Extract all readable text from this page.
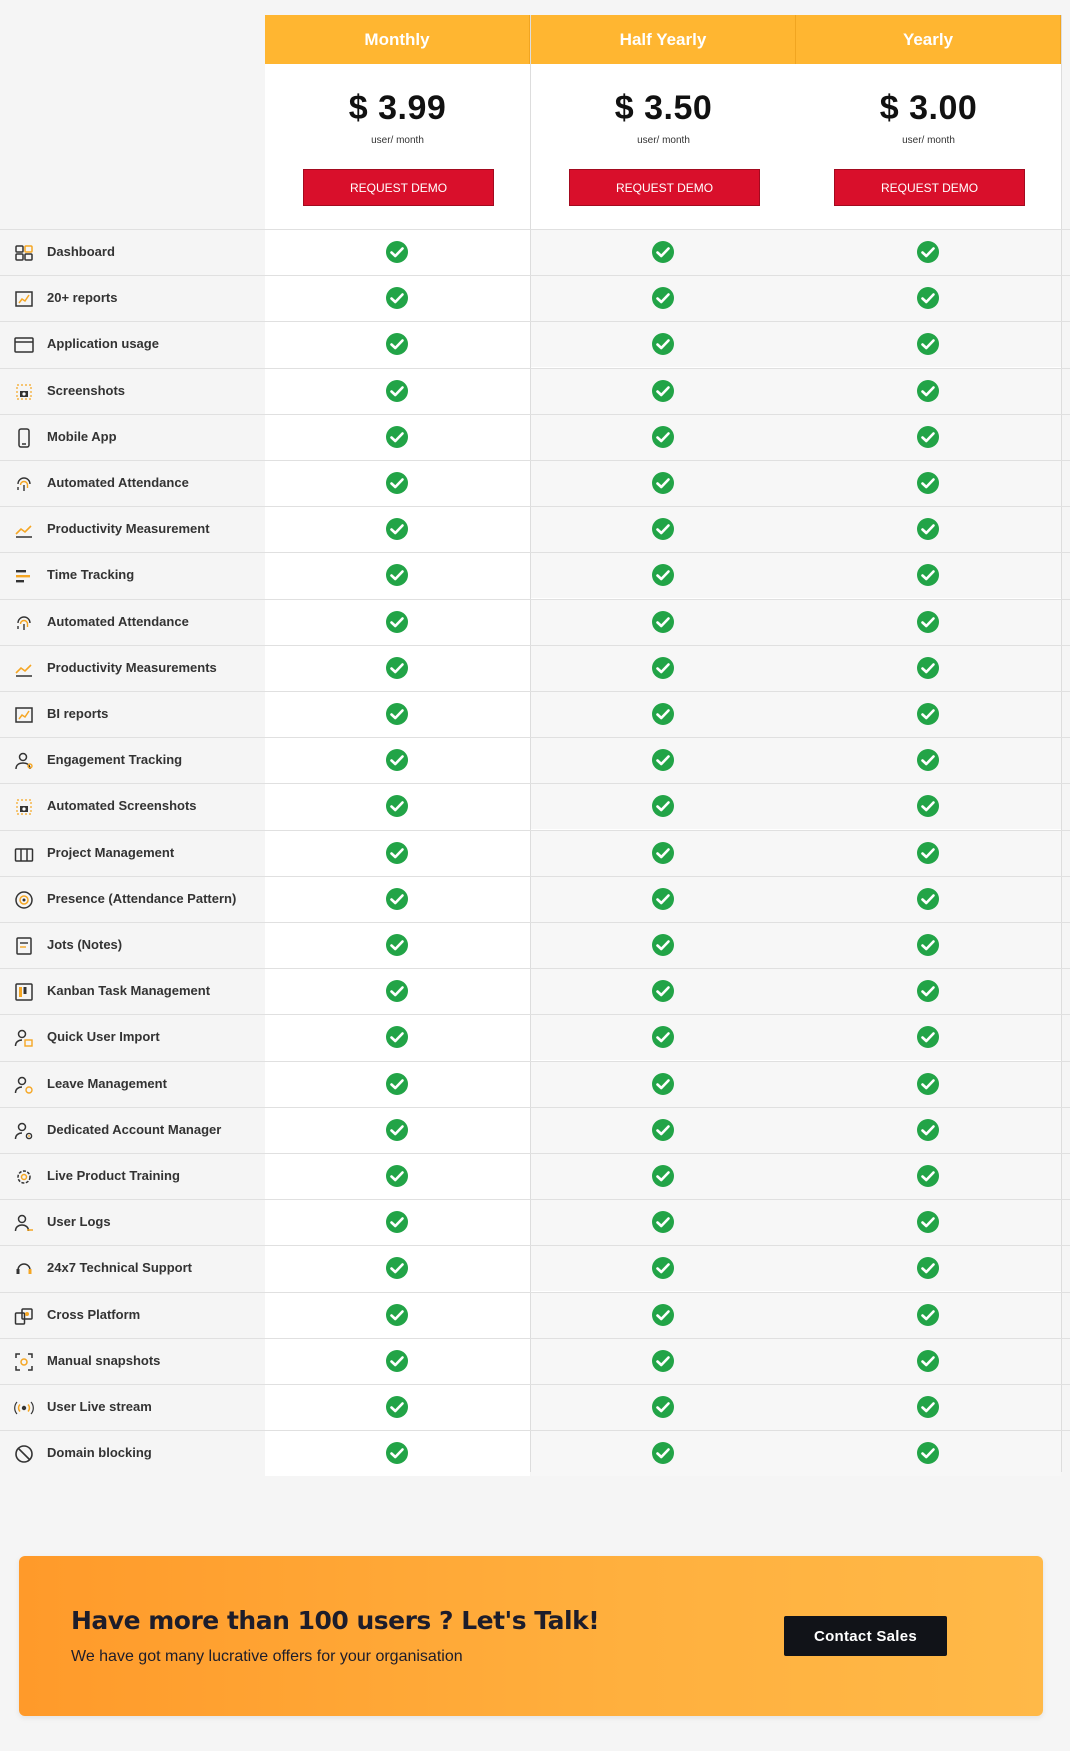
Monthly
$ 3.99
user/ month
REQUEST DEMO
Half Yearly
$ 3.50
user/ month
REQUEST DEMO
Yearly
$ 3.00
user/ month
REQUEST DEMO
Dashboard
20+ reports
Application usage
Screenshots
Mobile App
Automated Attendance
Productivity Measurement
Time Tracking
Automated Attendance
Productivity Measurements
BI reports
Engagement Tracking
Automated Screenshots
Project Management
Presence (Attendance Pattern)
Jots (Notes)
Kanban Task Management
Quick User Import
Leave Management
Dedicated Account Manager
Live Product Training
User Logs
24x7 Technical Support
Cross Platform
Manual snapshots
User Live stream
Domain blocking
Have more than 100 users ? Let's Talk!
We have got many lucrative offers for your organisation
Contact Sales
